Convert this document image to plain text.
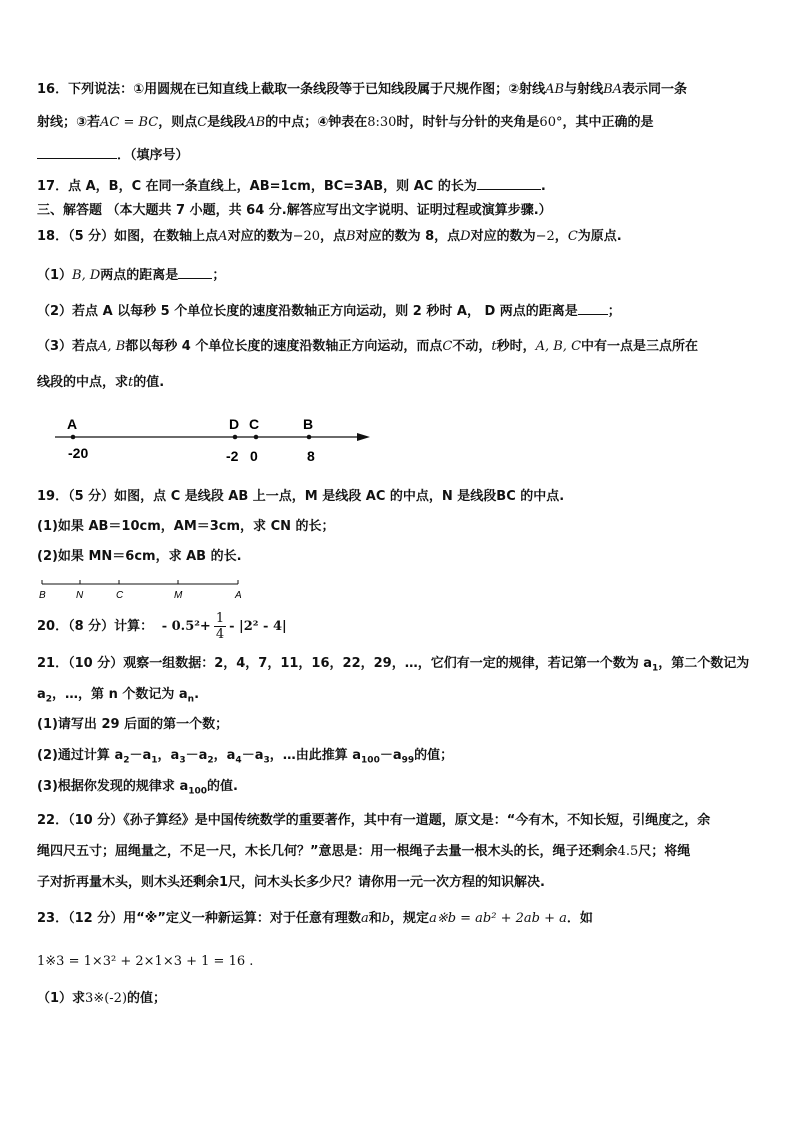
16．下列说法：①用圆规在已知直线上截取一条线段等于已知线段属于尺规作图；②射线AB与射线BA表示同一条
射线；③若AC = BC，则点C是线段AB的中点；④钟表在8:30时，时针与分针的夹角是60°，其中正确的是
．（填序号）
17．点 A，B，C 在同一条直线上，AB=1cm，BC=3AB，则 AC 的长为	.
三、解答题 （本大题共 7 小题，共 64 分.解答应写出文字说明、证明过程或演算步骤.）
18．（5 分）如图，在数轴上点A对应的数为−20，点B对应的数为 8，点D对应的数为−2，C为原点.
（1）B, D两点的距离是	；
（2）若点 A 以每秒 5 个单位长度的速度沿数轴正方向运动，则 2 秒时 A， D 两点的距离是 ；
（3）若点A, B都以每秒 4 个单位长度的速度沿数轴正方向运动，而点C不动，t秒时，A, B, C中有一点是三点所在
线段的中点，求t的值.
A	D C	B
-20	-2 0	8
19．（5 分）如图，点 C 是线段 AB 上一点，M 是线段 AC 的中点，N 是线段BC 的中点.
(1)如果 AB＝10cm，AM＝3cm，求 CN 的长；
(2)如果 MN＝6cm，求 AB 的长.
B	N	C	M	A
20．（8 分）计算： - $0.5^2+ \frac{1}{4} - |2^2 - 4|$
21．（10 分）观察一组数据：2，4，7，11，16，22，29，…，它们有一定的规律，若记第一个数为 $a_1$，第二个数记为
$a_2$，…，第 n 个数记为 $a_n$.
(1)请写出 29 后面的第一个数；
(2)通过计算 $a_2-a_1$，$a_3-a_2$，$a_4-a_3$，…由此推算 $a_{100}-a_{99}$的值；
(3)根据你发现的规律求 $a_{100}$的值.
22．（10 分）《孙子算经》是中国传统数学的重要著作，其中有一道题，原文是：“今有木，不知长短，引绳度之，余
绳四尺五寸；屈绳量之，不足一尺，木长几何？”意思是：用一根绳子去量一根木头的长，绳子还剩余4.5尺；将绳
子对折再量木头，则木头还剩余1尺，问木头长多少尺？请你用一元一次方程的知识解决.
23．（12 分）用“※”定义一种新运算：对于任意有理数a和b，规定a※b = ab² + 2ab + a．如
1※3 = 1×3² + 2×1×3 + 1 = 16 .
（1）求3※(-2)的值；
